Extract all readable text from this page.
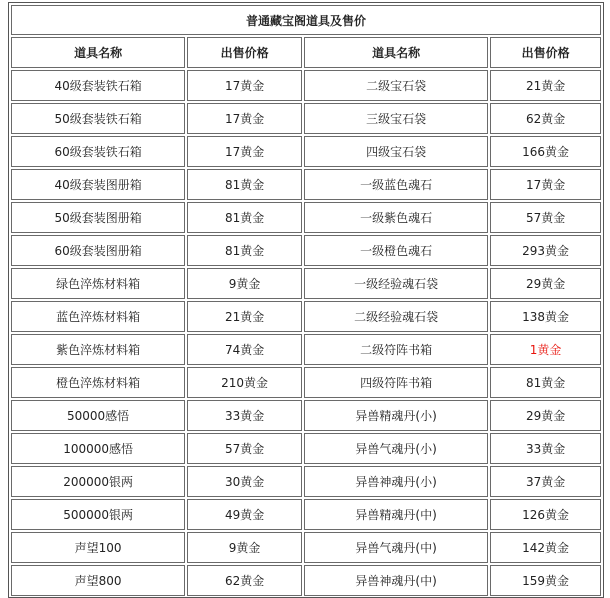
普通藏宝阁道具及售价			
道具名称	出售价格	道具名称	出售价格
40级套装铁石箱	17黄金	二级宝石袋	21黄金
50级套装铁石箱	17黄金	三级宝石袋	62黄金
60级套装铁石箱	17黄金	四级宝石袋	166黄金
40级套装图册箱	81黄金	一级蓝色魂石	17黄金
50级套装图册箱	81黄金	一级紫色魂石	57黄金
60级套装图册箱	81黄金	一级橙色魂石	293黄金
绿色淬炼材料箱	9黄金	一级经验魂石袋	29黄金
蓝色淬炼材料箱	21黄金	二级经验魂石袋	138黄金
紫色淬炼材料箱	74黄金	二级符阵书箱	1黄金
橙色淬炼材料箱	210黄金	四级符阵书箱	81黄金
50000感悟	33黄金	异兽精魂丹(小)	29黄金
100000感悟	57黄金	异兽气魂丹(小)	33黄金
200000银两	30黄金	异兽神魂丹(小)	37黄金
500000银两	49黄金	异兽精魂丹(中)	126黄金
声望100	9黄金	异兽气魂丹(中)	142黄金
声望800	62黄金	异兽神魂丹(中)	159黄金
